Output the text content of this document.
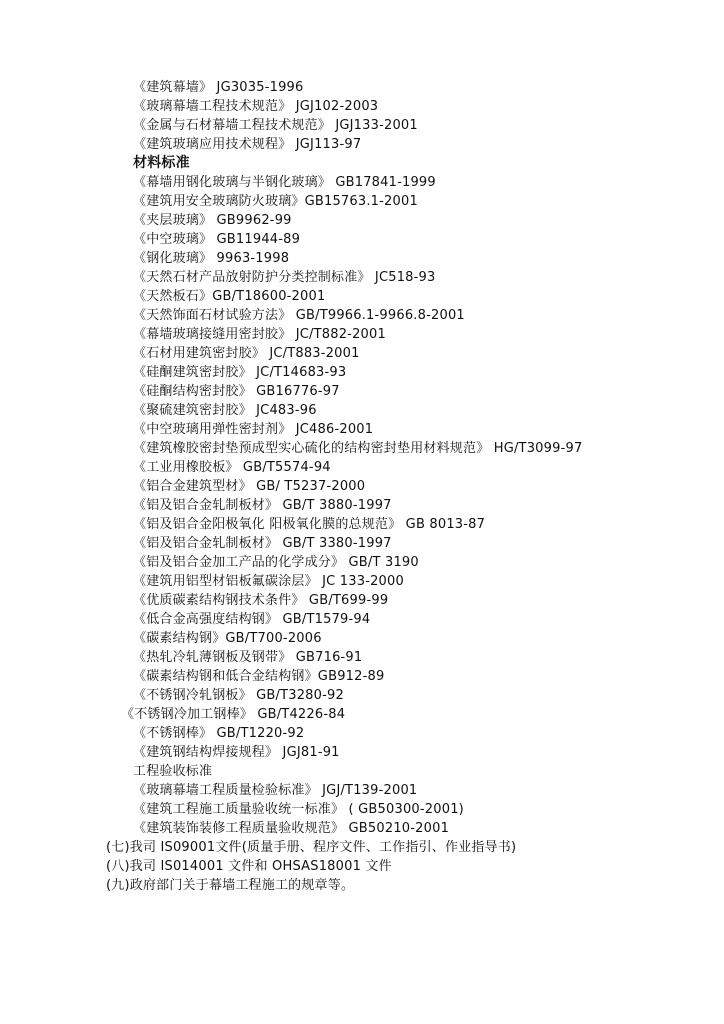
《建筑幕墙》 JG3035-1996
《玻璃幕墙工程技术规范》 JGJ102-2003
《金属与石材幕墙工程技术规范》 JGJ133-2001
《建筑玻璃应用技术规程》 JGJ113-97
材料标准
《幕墙用钢化玻璃与半钢化玻璃》 GB17841-1999
《建筑用安全玻璃防火玻璃》GB15763.1-2001
《夹层玻璃》 GB9962-99
《中空玻璃》 GB11944-89
《钢化玻璃》 9963-1998
《天然石材产品放射防护分类控制标准》 JC518-93
《天然板石》GB/T18600-2001
《天然饰面石材试验方法》 GB/T9966.1-9966.8-2001
《幕墙玻璃接缝用密封胶》 JC/T882-2001
《石材用建筑密封胶》 JC/T883-2001
《硅酮建筑密封胶》 JC/T14683-93
《硅酮结构密封胶》 GB16776-97
《聚硫建筑密封胶》 JC483-96
《中空玻璃用弹性密封剂》 JC486-2001
《建筑橡胶密封垫预成型实心硫化的结构密封垫用材料规范》 HG/T3099-97
《工业用橡胶板》 GB/T5574-94
《铝合金建筑型材》 GB/ T5237-2000
《铝及铝合金轧制板材》 GB/T 3880-1997
《铝及铝合金阳极氧化 阳极氧化膜的总规范》 GB 8013-87
《铝及铝合金轧制板材》 GB/T 3380-1997
《铝及铝合金加工产品的化学成分》 GB/T 3190
《建筑用铝型材铝板氟碳涂层》 JC 133-2000
《优质碳素结构钢技术条件》 GB/T699-99
《低合金高强度结构钢》 GB/T1579-94
《碳素结构钢》GB/T700-2006
《热轧冷轧薄钢板及钢带》 GB716-91
《碳素结构钢和低合金结构钢》GB912-89
《不锈钢冷轧钢板》 GB/T3280-92
《不锈钢冷加工钢棒》 GB/T4226-84
《不锈钢棒》 GB/T1220-92
《建筑钢结构焊接规程》 JGJ81-91
工程验收标准
《玻璃幕墙工程质量检验标准》 JGJ/T139-2001
《建筑工程施工质量验收统一标准》 ( GB50300-2001)
《建筑装饰装修工程质量验收规范》 GB50210-2001
(七)我司 IS09001文件(质量手册、程序文件、工作指引、作业指导书)
(八)我司 IS014001 文件和 OHSAS18001 文件
(九)政府部门关于幕墙工程施工的规章等。
